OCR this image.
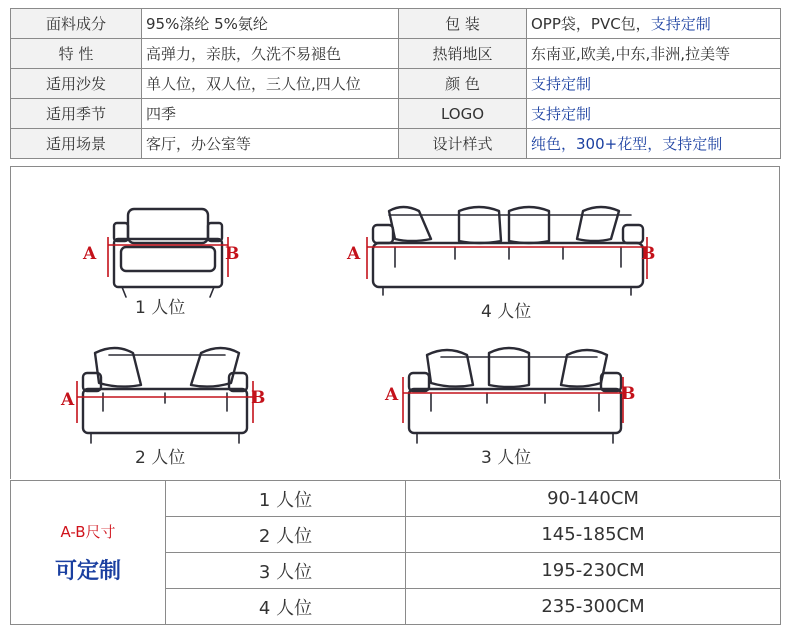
面料成分	95%涤纶 5%氨纶	包 装	OPP袋，PVC包，支持定制
特 性	高弹力，亲肤，久洗不易褪色	热销地区	东南亚,欧美,中东,非洲,拉美等
适用沙发	单人位，双人位，三人位,四人位	颜 色	支持定制
适用季节	四季	LOGO	支持定制
适用场景	客厅，办公室等	设计样式	纯色，300+花型，支持定制
A	B	A	B
A	B	A	B
1 人位	4 人位
2 人位	3 人位
A-B尺寸
可定制	1 人位	90-140CM
	2 人位	145-185CM
	3 人位	195-230CM
	4 人位	235-300CM
